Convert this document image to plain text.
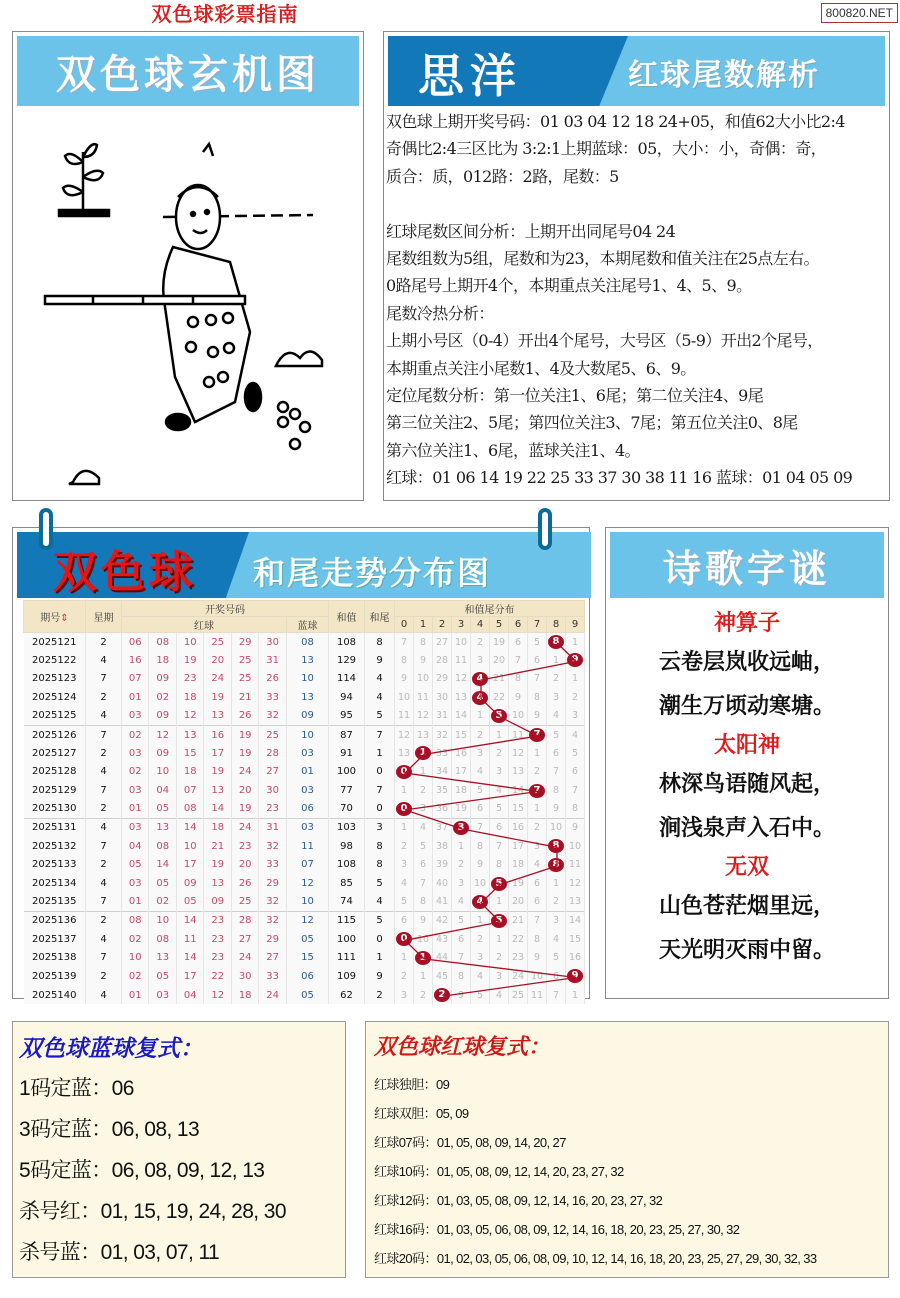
双色球彩票指南	800820.NET
双色球玄机图	思洋	红球尾数解析
双色球上期开奖号码：01 03 04 12 18 24+05，和值62大小比2:4
奇偶比2:4三区比为 3:2:1上期蓝球：05，大小：小，奇偶：奇，
质合：质，012路：2路，尾数：5
红球尾数区间分析：上期开出同尾号04 24
尾数组数为5组，尾数和为23，本期尾数和值关注在25点左右。
0路尾号上期开4个，本期重点关注尾号1、4、5、9。
尾数冷热分析：
上期小号区（0-4）开出4个尾号，大号区（5-9）开出2个尾号，
本期重点关注小尾数1、4及大数尾5、6、9。
定位尾数分析：第一位关注1、6尾；第二位关注4、9尾
第三位关注2、5尾；第四位关注3、7尾；第五位关注0、8尾
第六位关注1、6尾，蓝球关注1、4。
红球：01 06 14 19 22 25 33 37 30 38 11 16 蓝球：01 04 05 09
双色球 和尾走势分布图
期号⇕	星期	开奖号码							和值	和尾	和值尾分布									
		红球						蓝球			0	1	2	3	4	5	6	7	8	9
2025121	2	06	08	10	25	29	30	08	108	8	7	8	27	10	2	19	6	5	8	1
2025122	4	16	18	19	20	25	31	13	129	9	8	9	28	11	3	20	7	6	1	9
2025123	7	07	09	23	24	25	26	10	114	4	9	10	29	12	4	21	8	7	2	1
2025124	2	01	02	18	19	21	33	13	94	4	10	11	30	13	4	22	9	8	3	2
2025125	4	03	09	12	13	26	32	09	95	5	11	12	31	14	1	5	10	9	4	3
2025126	7	02	12	13	16	19	25	10	87	7	12	13	32	15	2	1	11	7	5	4
2025127	2	03	09	15	17	19	28	03	91	1	13	1	33	16	3	2	12	1	6	5
2025128	4	02	10	18	19	24	27	01	100	0	0	1	34	17	4	3	13	2	7	6
2025129	7	03	04	07	13	20	30	03	77	7	1	2	35	18	5	4	14	7	8	7
2025130	2	01	05	08	14	19	23	06	70	0	0	3	36	19	6	5	15	1	9	8
2025131	4	03	13	14	18	24	31	03	103	3	1	4	37	3	7	6	16	2	10	9
2025132	7	04	08	10	21	23	32	11	98	8	2	5	38	1	8	7	17	3	8	10
2025133	2	05	14	17	19	20	33	07	108	8	3	6	39	2	9	8	18	4	8	11
2025134	4	03	05	09	13	26	29	12	85	5	4	7	40	3	10	5	19	6	1	12
2025135	7	01	02	05	09	25	32	10	74	4	5	8	41	4	4	1	20	6	2	13
2025136	2	08	10	14	23	28	32	12	115	5	6	9	42	5	1	5	21	7	3	14
2025137	4	02	08	11	23	27	29	05	100	0	0	10	43	6	2	1	22	8	4	15
2025138	7	10	13	14	23	24	27	15	111	1	1	1	44	7	3	2	23	9	5	16
2025139	2	02	05	17	22	30	33	06	109	9	2	1	45	8	4	3	24	10	6	9
2025140	4	01	03	04	12	18	24	05	62	2	3	2	2	9	5	4	25	11	7	1
诗歌字谜
神算子
云卷层岚收远岫，
潮生万顷动寒塘。
太阳神
林深鸟语随风起，
涧浅泉声入石中。
无双
山色苍茫烟里远，
天光明灭雨中留。
双色球蓝球复式：
1码定蓝：06
3码定蓝：06, 08, 13
5码定蓝：06, 08, 09, 12, 13
杀号红：01, 15, 19, 24, 28, 30
杀号蓝：01, 03, 07, 11
双色球红球复式：
红球独胆：09
红球双胆：05, 09
红球07码：01, 05, 08, 09, 14, 20, 27
红球10码：01, 05, 08, 09, 12, 14, 20, 23, 27, 32
红球12码：01, 03, 05, 08, 09, 12, 14, 16, 20, 23, 27, 32
红球16码：01, 03, 05, 06, 08, 09, 12, 14, 16, 18, 20, 23, 25, 27, 30, 32
红球20码：01, 02, 03, 05, 06, 08, 09, 10, 12, 14, 16, 18, 20, 23, 25, 27, 29, 30, 32, 33
